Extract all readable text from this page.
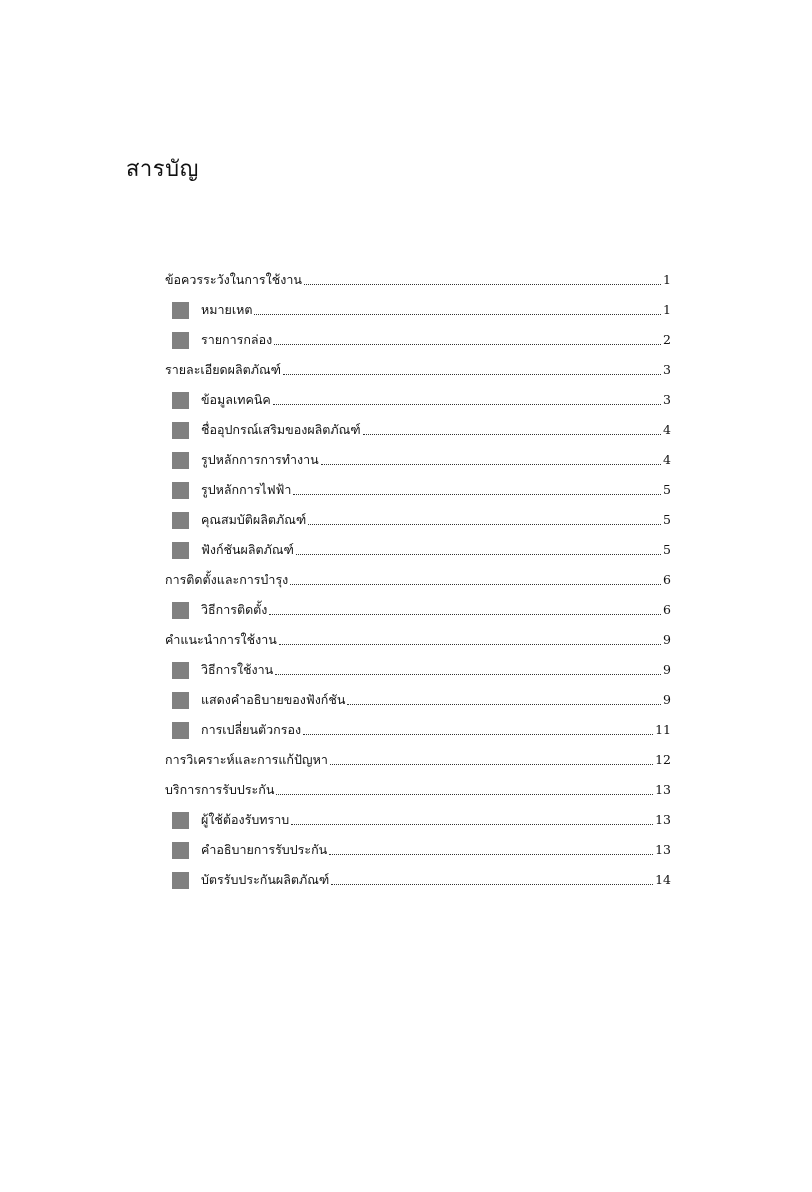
สารบัญ
ข้อควรระวังในการใช้งาน	1
หมายเหต	1
รายการกล่อง	2
รายละเอียดผลิตภัณฑ์	3
ข้อมูลเทคนิค	3
ชื่ออุปกรณ์เสริมของผลิตภัณฑ์	4
รูปหลักการการทำงาน	4
รูปหลักการไฟฟ้า	5
คุณสมบัติผลิตภัณฑ์	5
ฟังก์ชันผลิตภัณฑ์	5
การติดตั้งและการบำรุง	6
วิธีการติดตั้ง	6
คำแนะนำการใช้งาน	9
วิธีการใช้งาน	9
แสดงคำอธิบายของฟังก์ชัน	9
การเปลี่ยนตัวกรอง	11
การวิเคราะห์และการแก้ปัญหา	12
บริการการรับประกัน	13
ผู้ใช้ต้องรับทราบ	13
คำอธิบายการรับประกัน	13
บัตรรับประกันผลิตภัณฑ์	14
